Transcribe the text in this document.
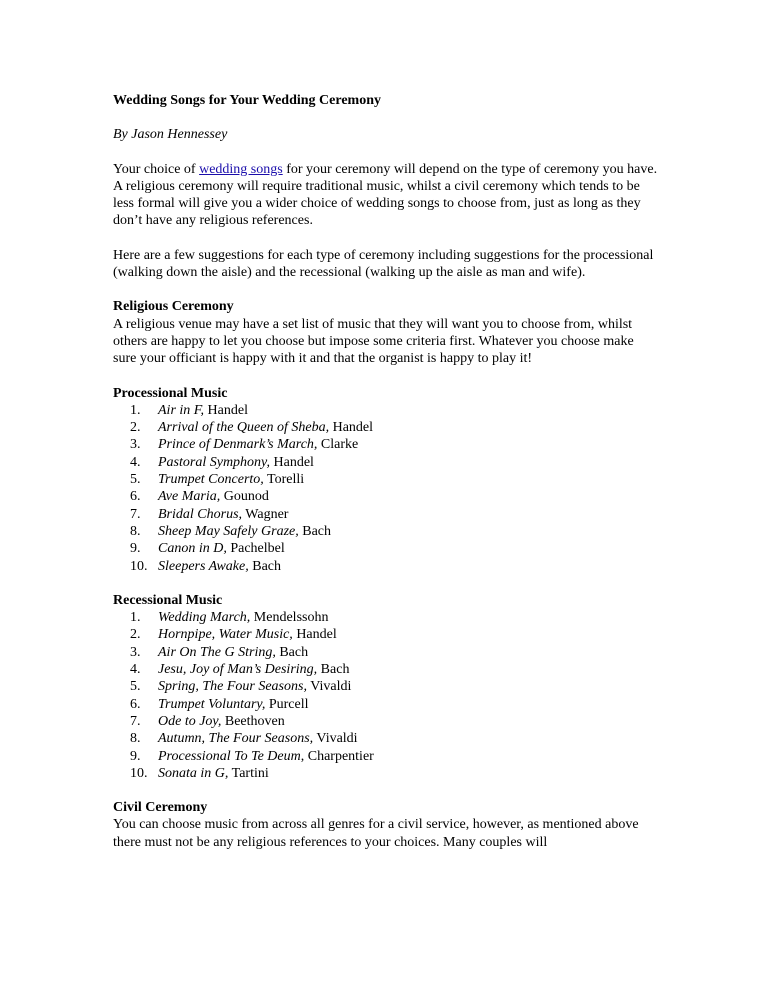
Wedding Songs for Your Wedding Ceremony

By Jason Hennessey

Your choice of wedding songs for your ceremony will depend on the type of ceremony you have. A religious ceremony will require traditional music, whilst a civil ceremony which tends to be less formal will give you a wider choice of wedding songs to choose from, just as long as they don’t have any religious references.

Here are a few suggestions for each type of ceremony including suggestions for the processional (walking down the aisle) and the recessional (walking up the aisle as man and wife).

Religious Ceremony

A religious venue may have a set list of music that they will want you to choose from, whilst others are happy to let you choose but impose some criteria first. Whatever you choose make sure your officiant is happy with it and that the organist is happy to play it!

Processional Music
1.	Air in F, Handel
2.	Arrival of the Queen of Sheba, Handel
3.	Prince of Denmark’s March, Clarke
4.	Pastoral Symphony, Handel
5.	Trumpet Concerto, Torelli
6.	Ave Maria, Gounod
7.	Bridal Chorus, Wagner
8.	Sheep May Safely Graze, Bach
9.	Canon in D, Pachelbel
10. Sleepers Awake, Bach
Recessional Music
1.	Wedding March, Mendelssohn
2.	Hornpipe, Water Music, Handel
3.	Air On The G String, Bach
4.	Jesu, Joy of Man’s Desiring, Bach
5.	Spring, The Four Seasons, Vivaldi
6.	Trumpet Voluntary, Purcell
7.	Ode to Joy, Beethoven
8.	Autumn, The Four Seasons, Vivaldi
9.	Processional To Te Deum, Charpentier
10. Sonata in G, Tartini
Civil Ceremony

You can choose music from across all genres for a civil service, however, as mentioned above there must not be any religious references to your choices. Many couples will
